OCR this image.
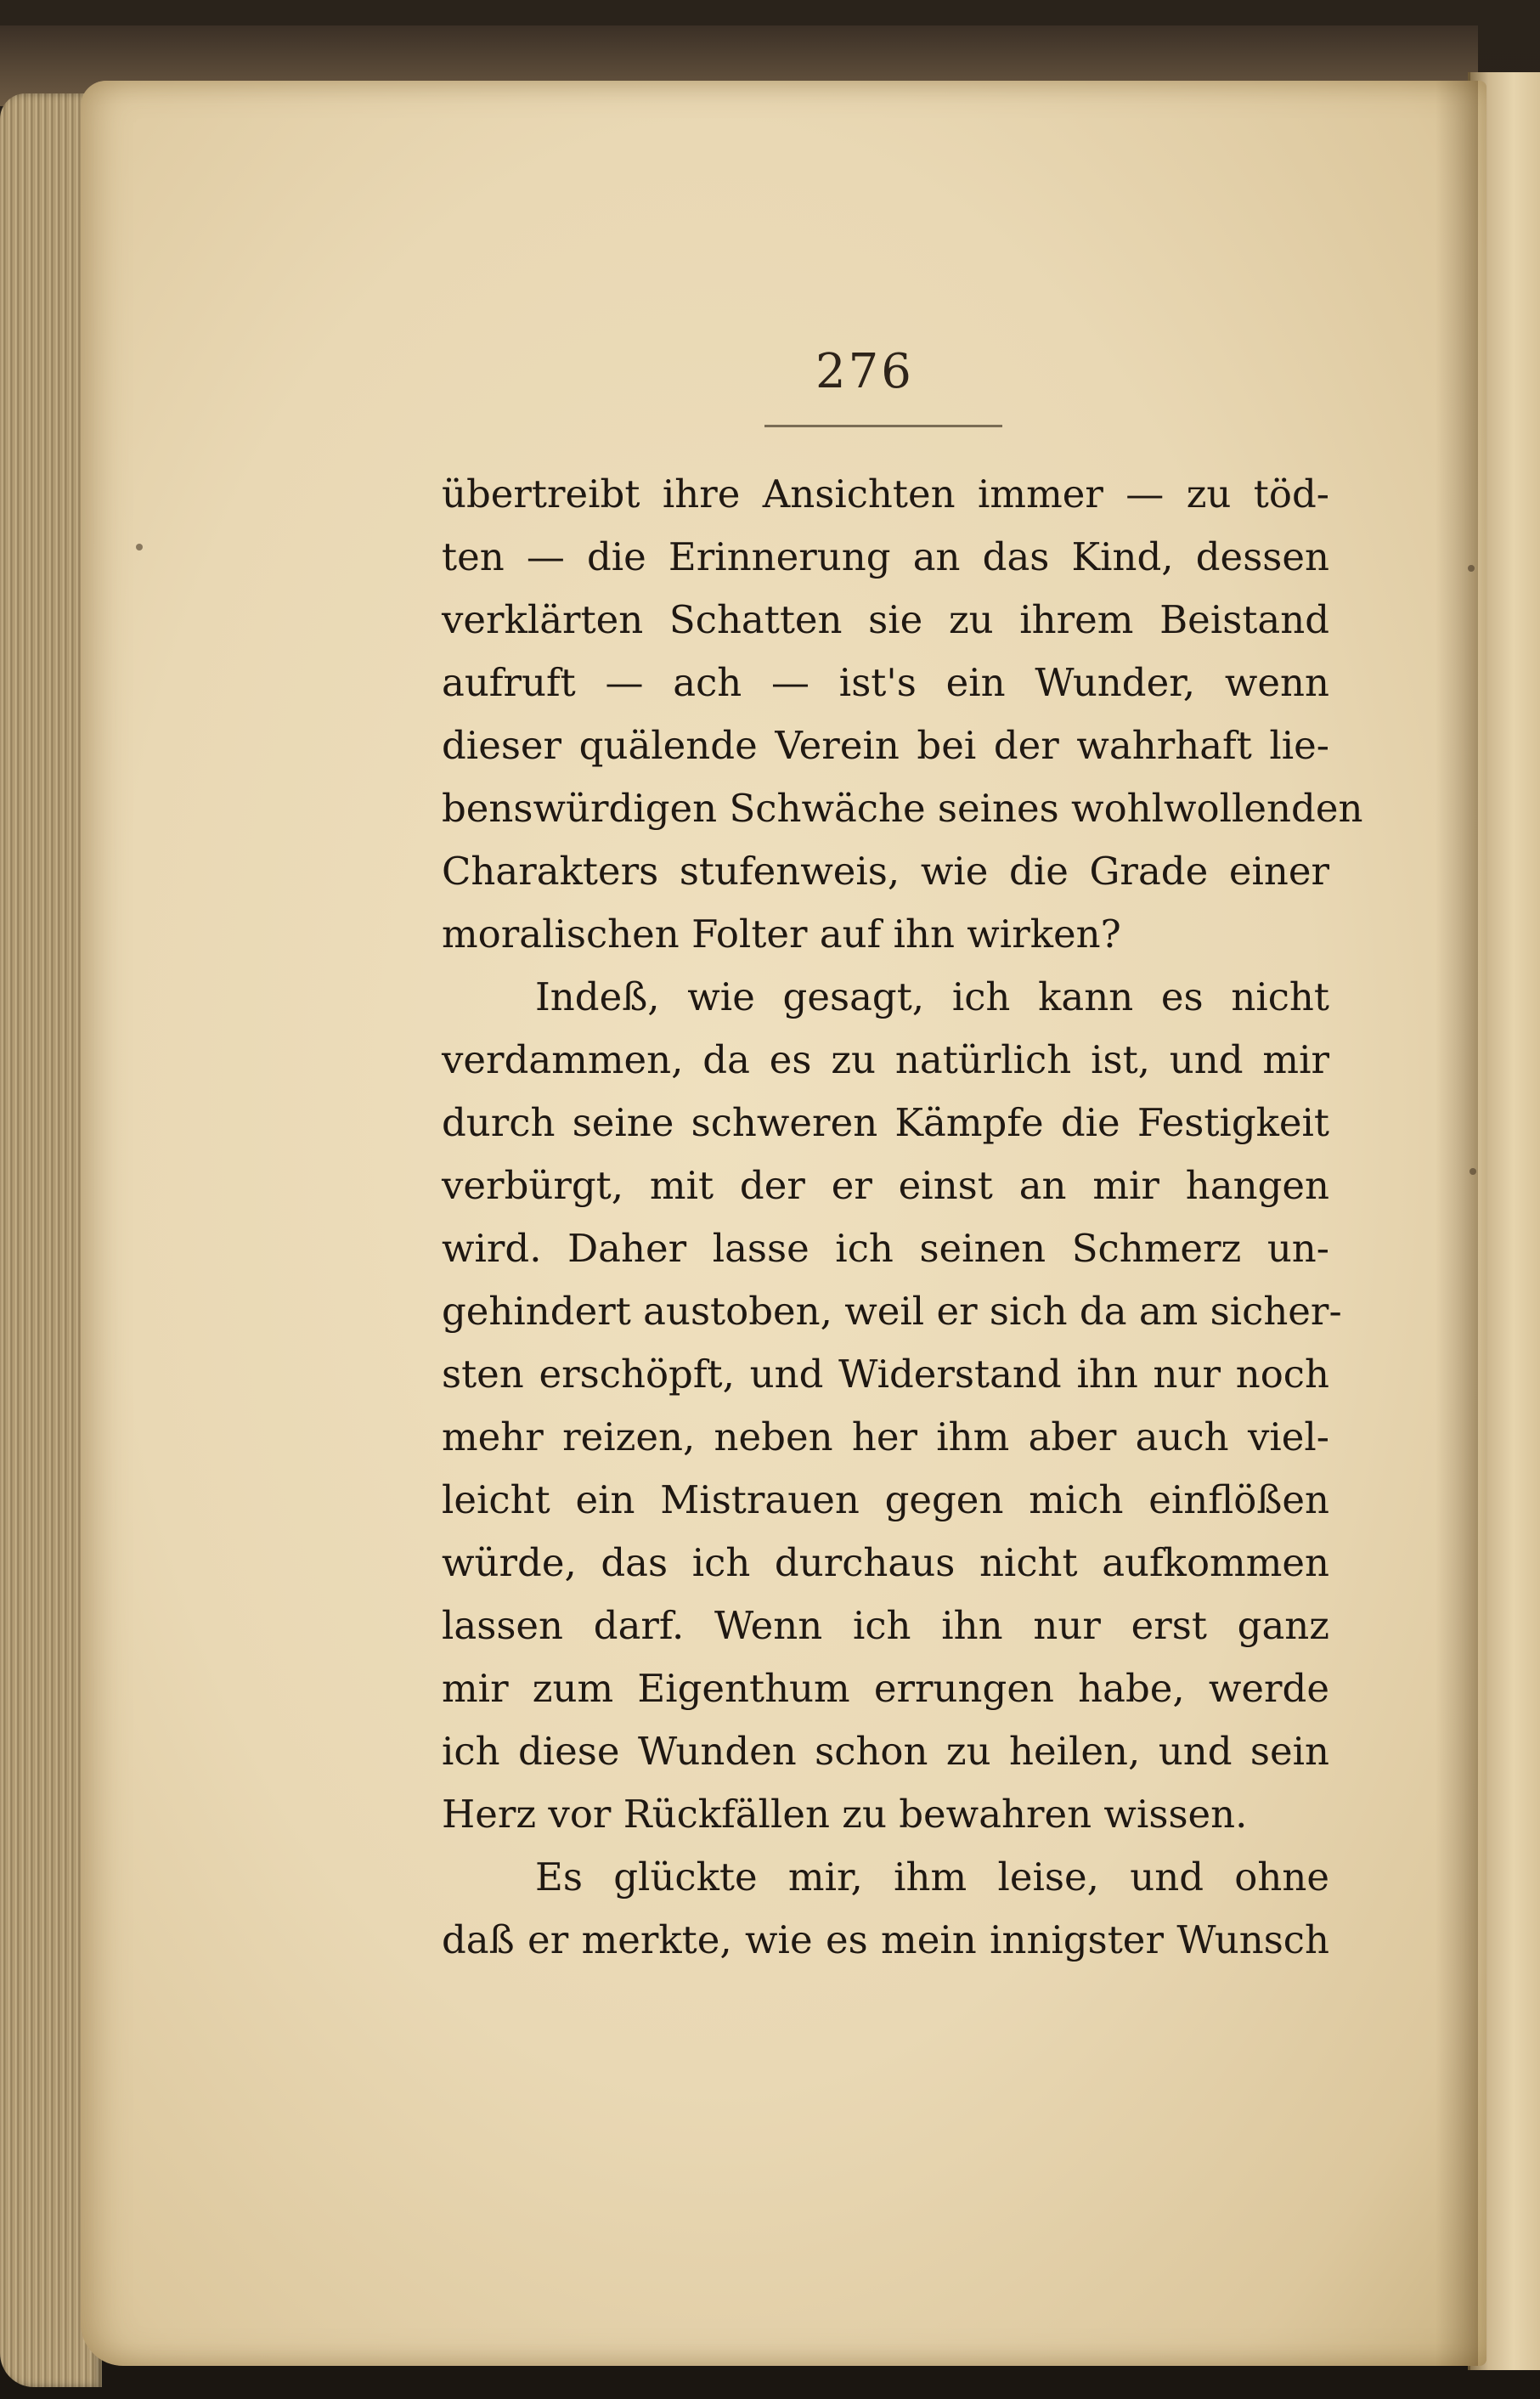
276
übertreibt ihre Ansichten immer — zu töd-
ten — die Erinnerung an das Kind, dessen
verklärten Schatten sie zu ihrem Beistand
aufruft — ach — ist's ein Wunder, wenn
dieser quälende Verein bei der wahrhaft lie-
benswürdigen Schwäche seines wohlwollenden
Charakters stufenweis, wie die Grade einer
moralischen Folter auf ihn wirken?
Indeß, wie gesagt, ich kann es nicht
verdammen, da es zu natürlich ist, und mir
durch seine schweren Kämpfe die Festigkeit
verbürgt, mit der er einst an mir hangen
wird. Daher lasse ich seinen Schmerz un-
gehindert austoben, weil er sich da am sicher-
sten erschöpft, und Widerstand ihn nur noch
mehr reizen, neben her ihm aber auch viel-
leicht ein Mistrauen gegen mich einflößen
würde, das ich durchaus nicht aufkommen
lassen darf. Wenn ich ihn nur erst ganz
mir zum Eigenthum errungen habe, werde
ich diese Wunden schon zu heilen, und sein
Herz vor Rückfällen zu bewahren wissen.
Es glückte mir, ihm leise, und ohne
daß er merkte, wie es mein innigster Wunsch
